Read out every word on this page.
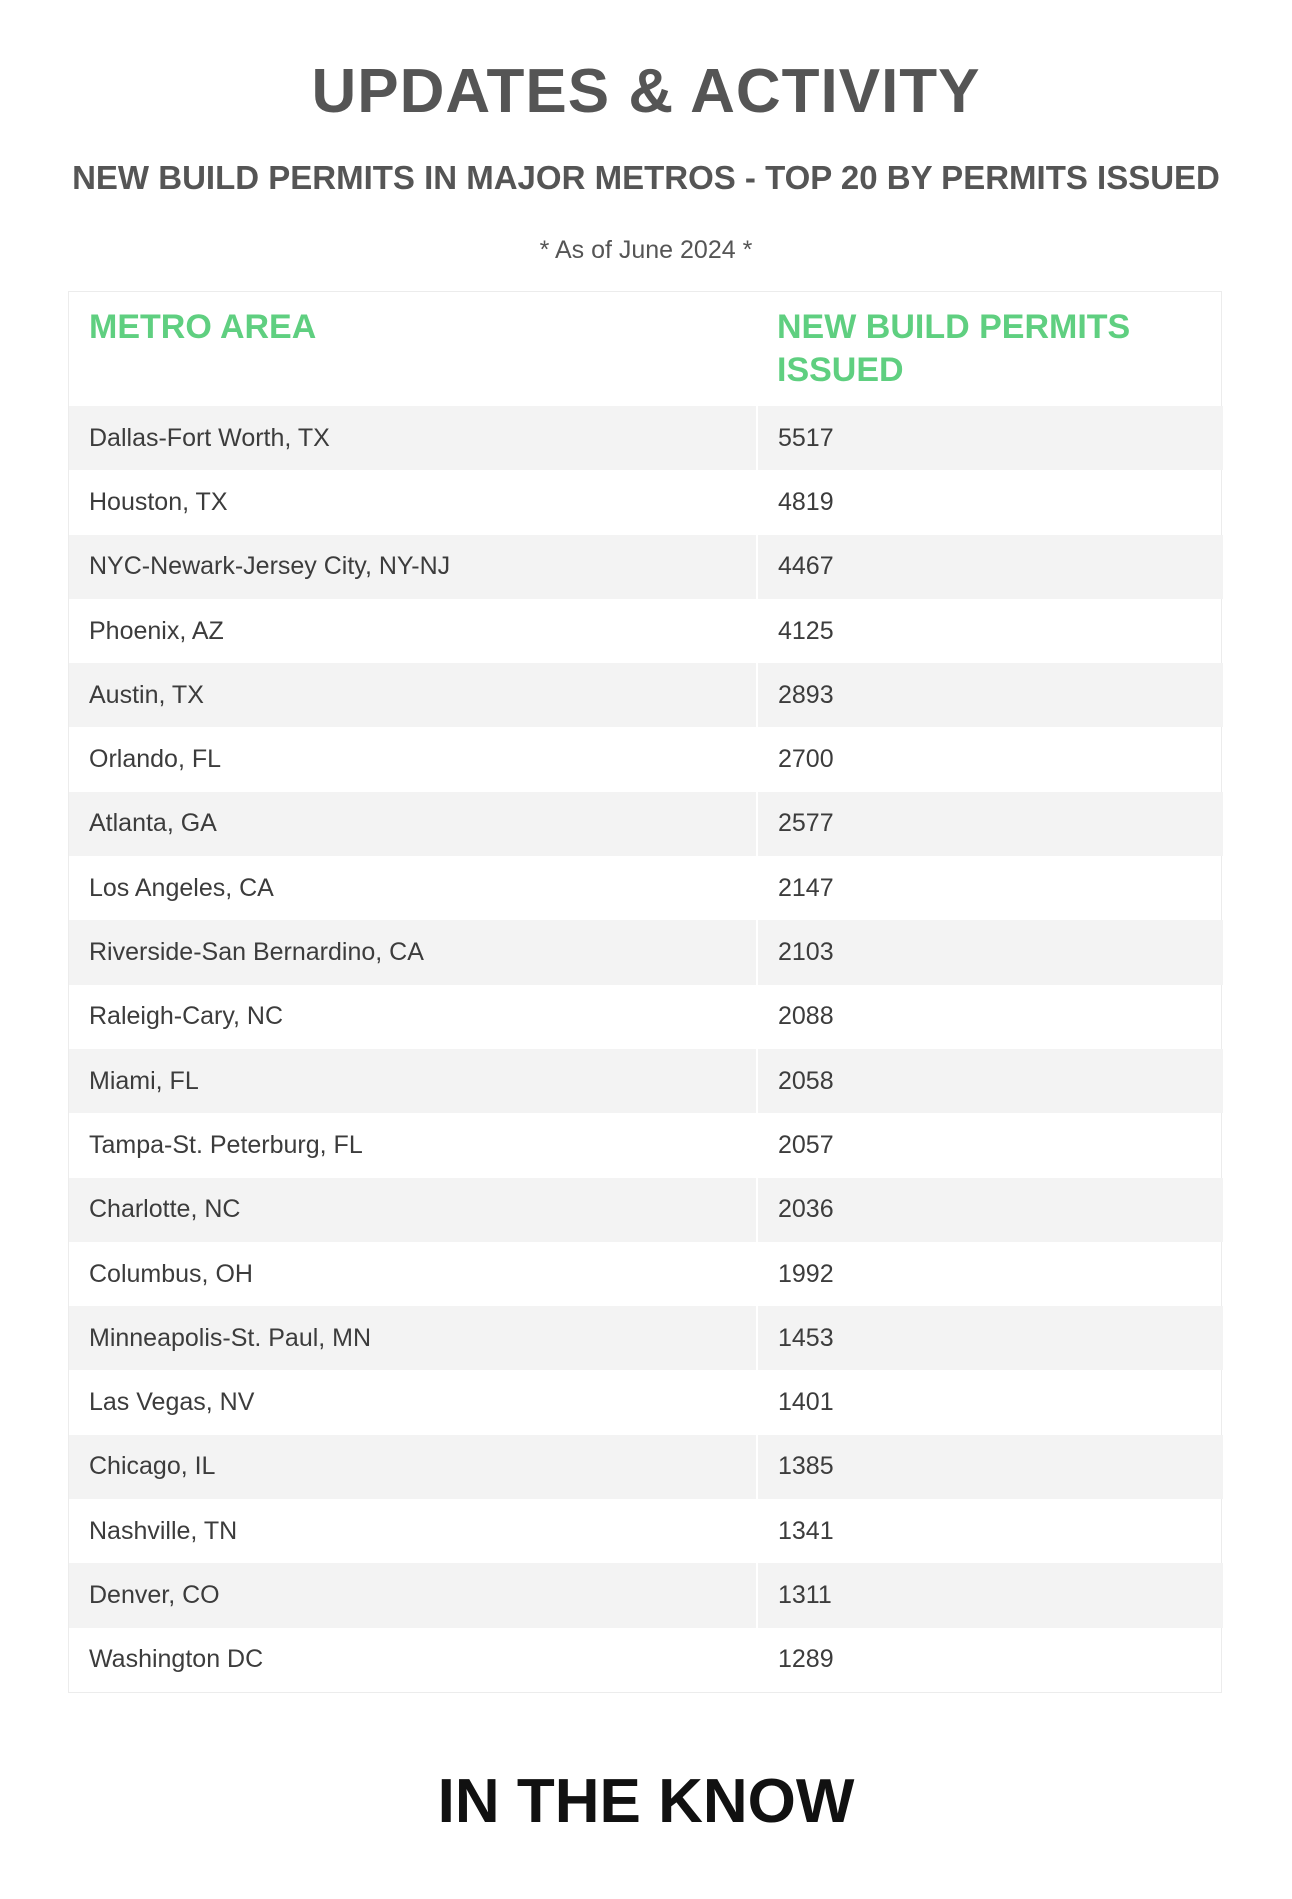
UPDATES & ACTIVITY
NEW BUILD PERMITS IN MAJOR METROS - TOP 20 BY PERMITS ISSUED
* As of June 2024 *
METRO AREA	NEW BUILD PERMITS ISSUED
Dallas-Fort Worth, TX	5517
Houston, TX	4819
NYC-Newark-Jersey City, NY-NJ	4467
Phoenix, AZ	4125
Austin, TX	2893
Orlando, FL	2700
Atlanta, GA	2577
Los Angeles, CA	2147
Riverside-San Bernardino, CA	2103
Raleigh-Cary, NC	2088
Miami, FL	2058
Tampa-St. Peterburg, FL	2057
Charlotte, NC	2036
Columbus, OH	1992
Minneapolis-St. Paul, MN	1453
Las Vegas, NV	1401
Chicago, IL	1385
Nashville, TN	1341
Denver, CO	1311
Washington DC	1289
IN THE KNOW
